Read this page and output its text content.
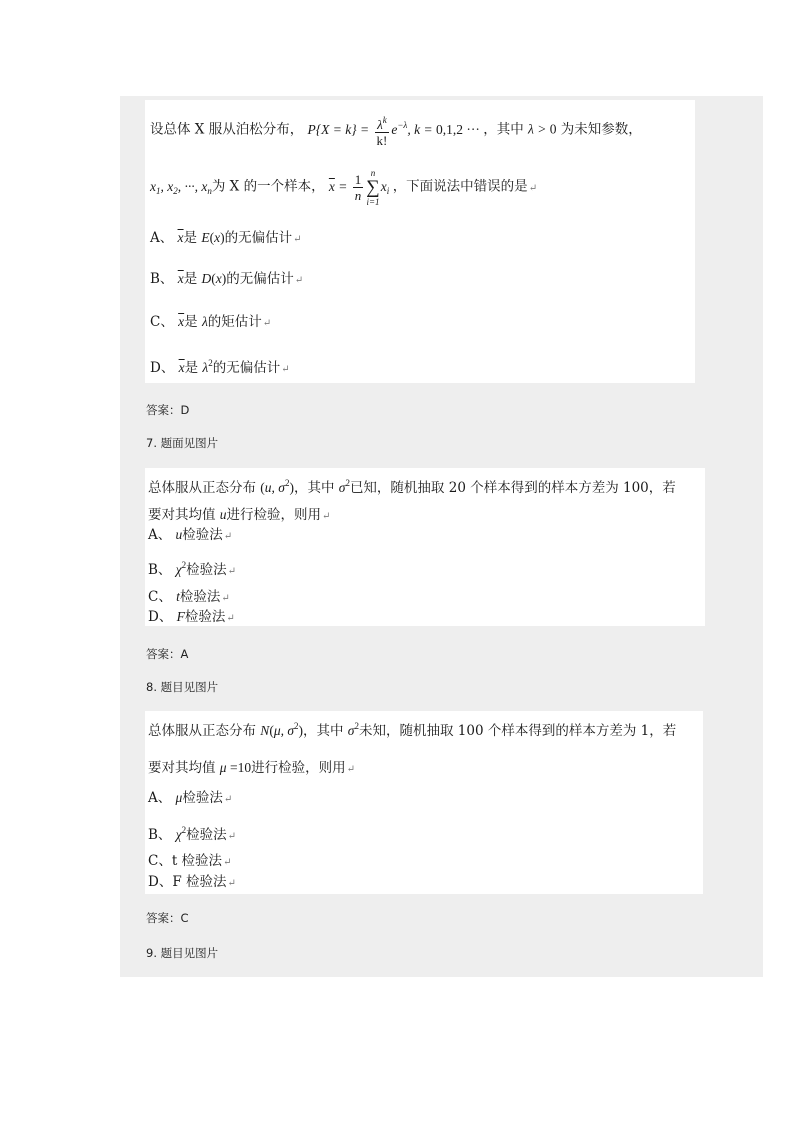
设总体 X 服从泊松分布， $P\{X = k\} = \frac{\lambda^k}{k!} e^{-\lambda}$, k = 0,1,2 ··· ，其中 λ > 0 为未知参数，
$x_1$, $x_2$, ···, $x_n$为 X 的一个样本， $\overline{x} = \frac{1}{n}$ n
∑
$i=1x_i$ ，下面说法中错误的是↵
A、 $\overline{x}$是 E(x)的无偏估计↵
B、 $\overline{x}$是 D(x)的无偏估计↵
C、 $\overline{x}$是 λ的矩估计↵
D、 $\overline{x}$是 $\lambda^2$的无偏估计↵
答案：D
7. 题面见图片
总体服从正态分布 (u, $\sigma^2$)，其中 $\sigma^2$已知，随机抽取 20 个样本得到的样本方差为 100，若
要对其均值 u进行检验，则用↵
A、 u检验法↵
B、 $\chi^2$检验法↵
C、 t检验法↵
D、 F检验法↵
答案：A
8. 题目见图片
总体服从正态分布 N(μ, $\sigma^2$)，其中 $\sigma^2$未知，随机抽取 100 个样本得到的样本方差为 1，若
要对其均值 μ =10进行检验，则用↵
A、 μ检验法↵
B、 $\chi^2$检验法↵
C、t 检验法↵
D、F 检验法↵
答案：C
9. 题目见图片
